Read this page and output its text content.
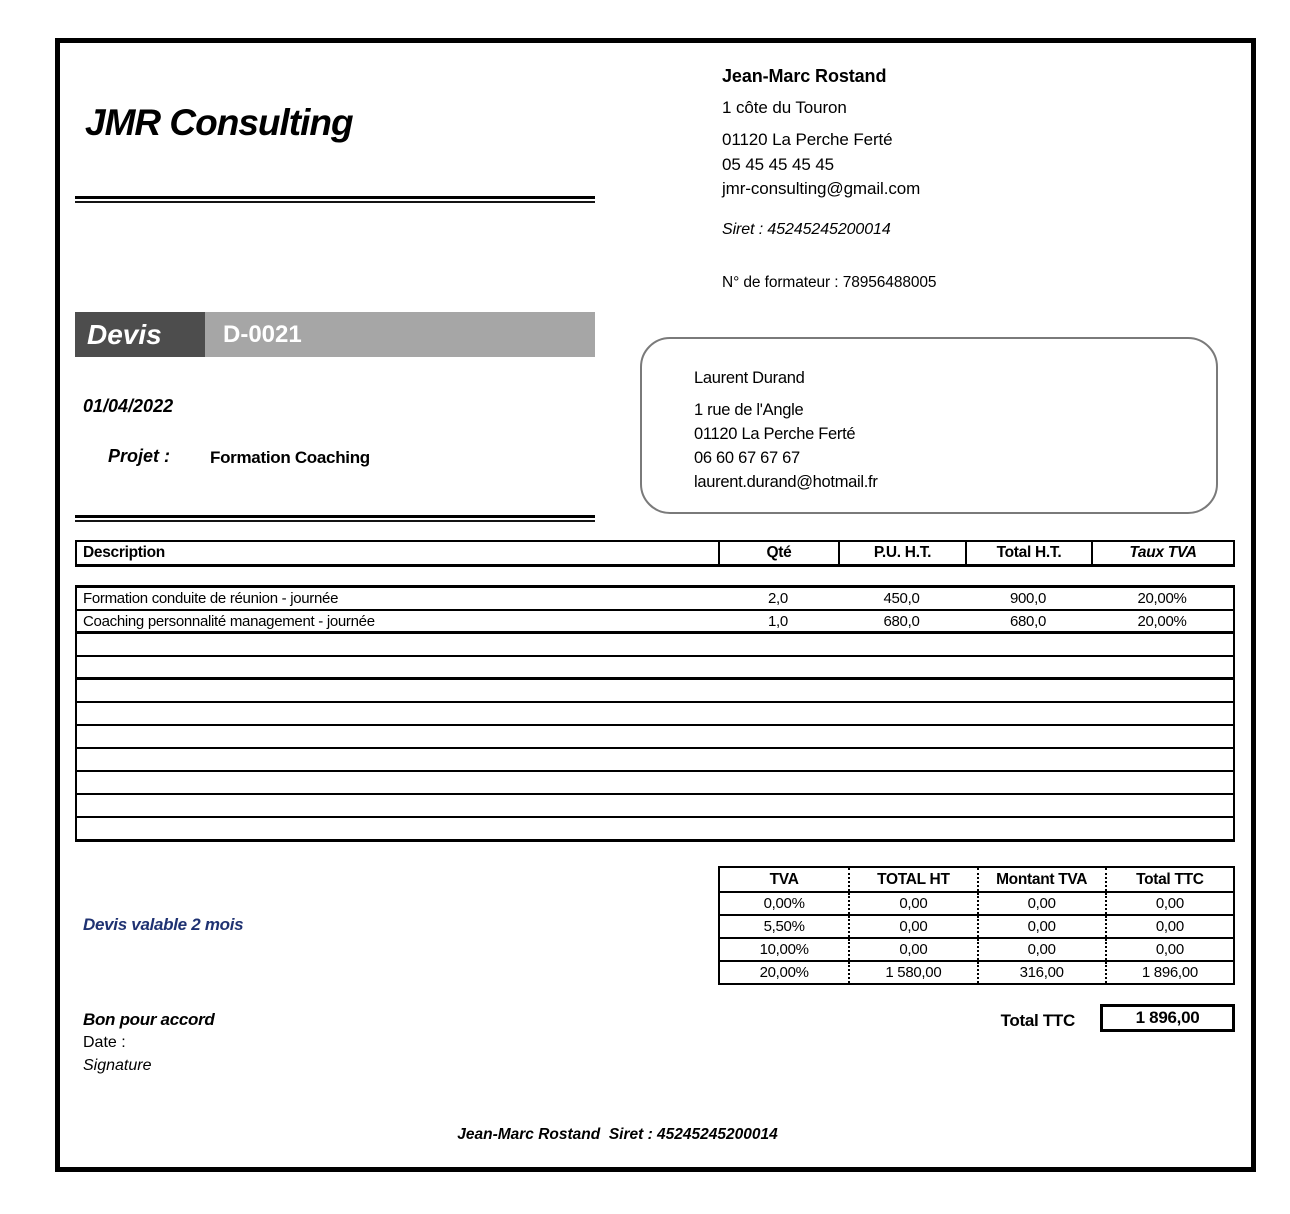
JMR Consulting
Jean-Marc Rostand
1 côte du Touron
01120 La Perche Ferté
05 45 45 45 45
jmr-consulting@gmail.com
Siret : 45245245200014
N° de formateur : 78956488005
Devis	D-0021
01/04/2022
Projet : Formation Coaching
Laurent Durand
1 rue de l'Angle
01120 La Perche Ferté
06 60 67 67 67
laurent.durand@hotmail.fr
Description	Qté	P.U. H.T.	Total H.T.	Taux TVA
Formation conduite de réunion - journée	2,0	450,0	900,0	20,00%
Coaching personnalité management - journée	1,0	680,0	680,0	20,00%
TVA	TOTAL HT	Montant TVA	Total TTC
0,00%	0,00	0,00	0,00
5,50%	0,00	0,00	0,00
10,00%	0,00	0,00	0,00
20,00%	1 580,00	316,00	1 896,00
Devis valable 2 mois
Bon pour accord
Date :
Signature
Total TTC	1 896,00
Jean-Marc Rostand  Siret : 45245245200014
